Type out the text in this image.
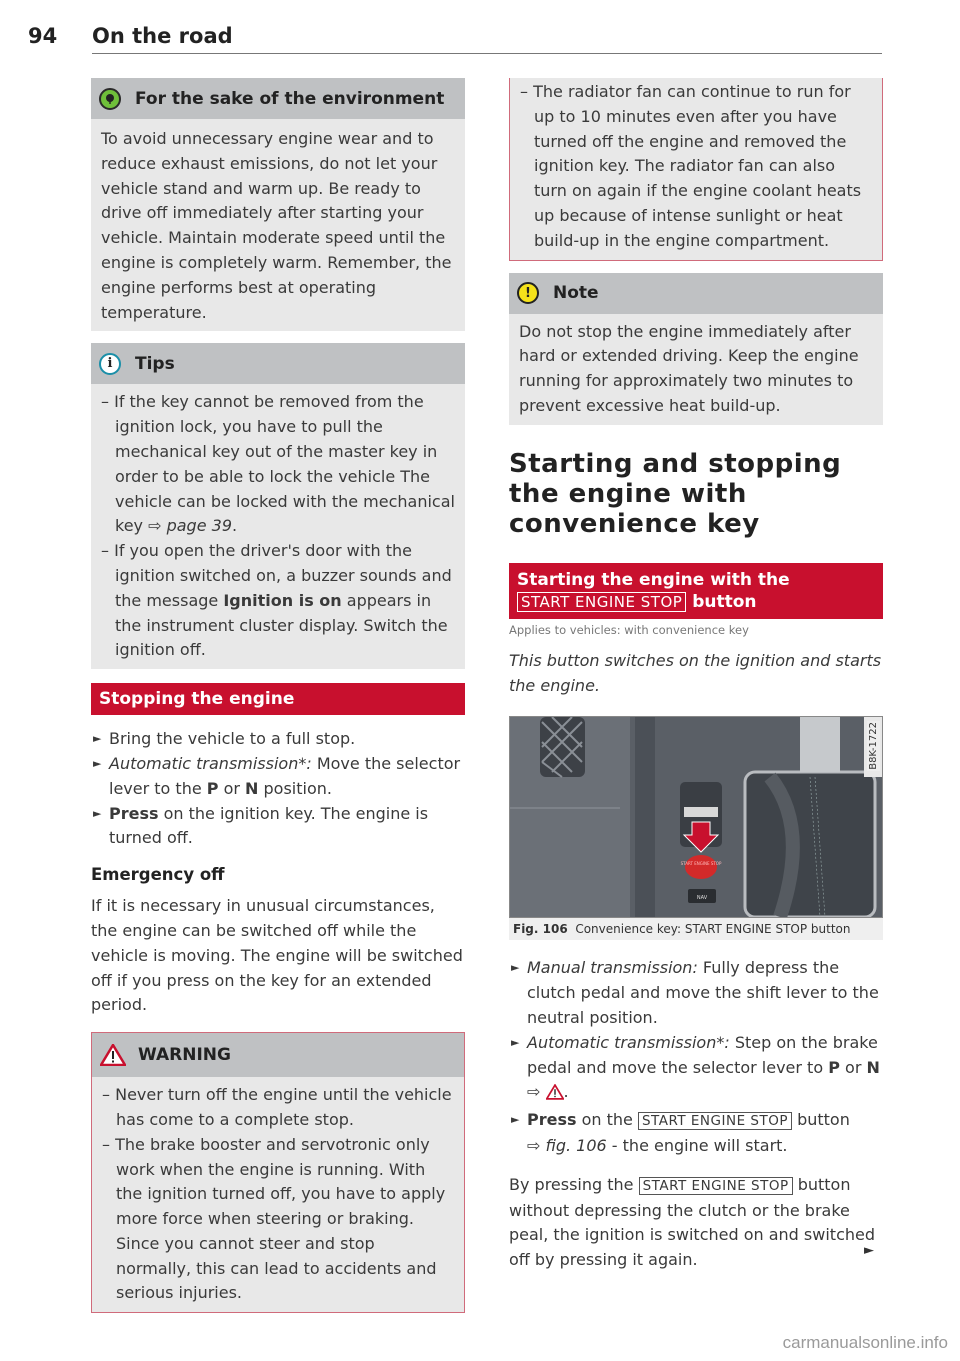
94 On the road
For the sake of the environment
To avoid unnecessary engine wear and to reduce exhaust emissions, do not let your vehicle stand and warm up. Be ready to drive off immediately after starting your vehicle. Maintain moderate speed until the engine is completely warm. Remember, the engine performs best at operating temperature.
i	Tips
– If the key cannot be removed from the ignition lock, you have to pull the mechanical key out of the master key in order to be able to lock the vehicle The vehicle can be locked with the mechanical key ⇨ page 39.
– If you open the driver's door with the ignition switched on, a buzzer sounds and the message Ignition is on appears in the instrument cluster display. Switch the ignition off.
Stopping the engine
► Bring the vehicle to a full stop.
► Automatic transmission*: Move the selector lever to the P or N position.
► Press on the ignition key. The engine is turned off.
Emergency off
If it is necessary in unusual circumstances, the engine can be switched off while the vehicle is moving. The engine will be switched off if you press on the key for an extended period.
WARNING
– Never turn off the engine until the vehicle has come to a complete stop.
– The brake booster and servotronic only work when the engine is running. With the ignition turned off, you have to apply more force when steering or braking. Since you cannot steer and stop normally, this can lead to accidents and serious injuries.
– The radiator fan can continue to run for up to 10 minutes even after you have turned off the engine and removed the ignition key. The radiator fan can also turn on again if the engine coolant heats up because of intense sunlight or heat build-up in the engine compartment.
!	Note
Do not stop the engine immediately after hard or extended driving. Keep the engine running for approximately two minutes to prevent excessive heat build-up.
Starting and stopping the engine with convenience key
Starting the engine with the
START ENGINE STOP button
Applies to vehicles: with convenience key
This button switches on the ignition and starts the engine.
START ENGINE STOP
NAV
B8K-1722
Fig. 106 Convenience key: START ENGINE STOP button
► Manual transmission: Fully depress the clutch pedal and move the shift lever to the neutral position.
► Automatic transmission*: Step on the brake pedal and move the selector lever to P or N
⇨ .
► Press on the START ENGINE STOP button
⇨ fig. 106 - the engine will start.
By pressing the START ENGINE STOP button without depressing the clutch or the brake peal, the ignition is switched on and switched off by pressing it again.	►
carmanualsonline.info
